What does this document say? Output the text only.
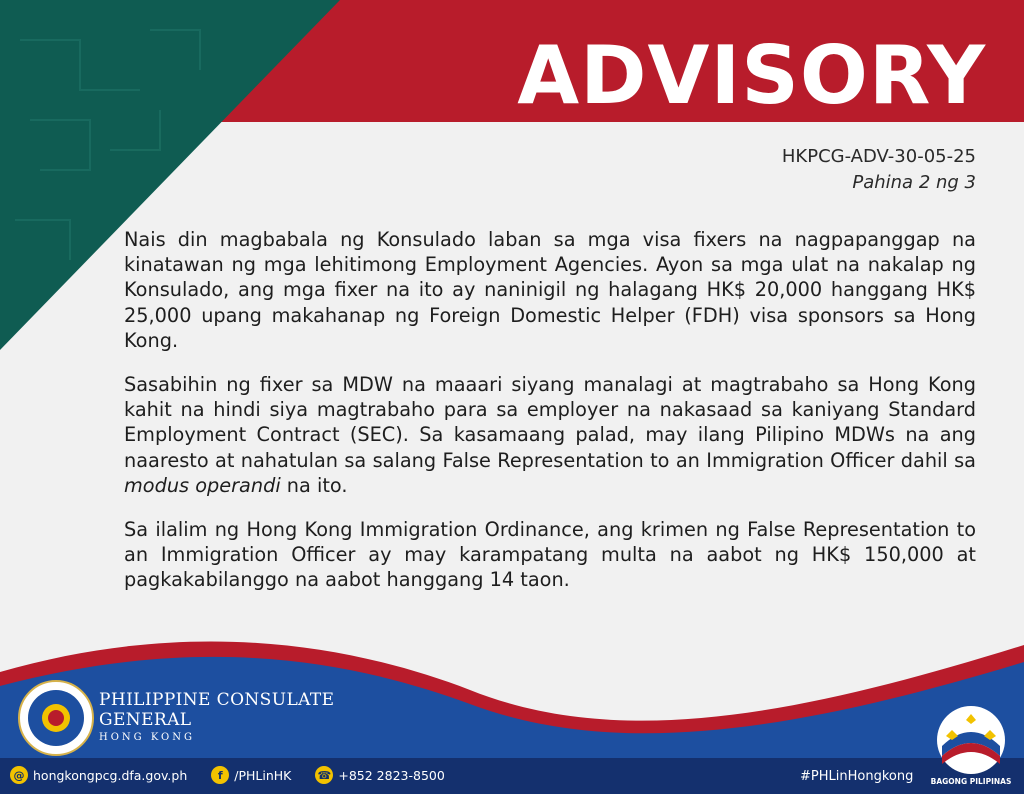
ADVISORY
HKPCG-ADV-30-05-25
Pahina 2 ng 3

Nais din magbabala ng Konsulado laban sa mga visa fixers na nagpapanggap na kinatawan ng mga lehitimong Employment Agencies. Ayon sa mga ulat na nakalap ng Konsulado, ang mga fixer na ito ay naninigil ng halagang HK$ 20,000 hanggang HK$ 25,000 upang makahanap ng Foreign Domestic Helper (FDH) visa sponsors sa Hong Kong.

Sasabihin ng fixer sa MDW na maaari siyang manalagi at magtrabaho sa Hong Kong kahit na hindi siya magtrabaho para sa employer na nakasaad sa kaniyang Standard Employment Contract (SEC). Sa kasamaang palad, may ilang Pilipino MDWs na ang naaresto at nahatulan sa salang False Representation to an Immigration Officer dahil sa modus operandi na ito.

Sa ilalim ng Hong Kong Immigration Ordinance, ang krimen ng False Representation to an Immigration Officer ay may karampatang multa na aabot ng HK$ 150,000 at pagkakabilanggo na aabot hanggang 14 taon.

PHILIPPINE CONSULATE
GENERAL
HONG KONG
@ hongkongpcg.dfa.gov.ph	f /PHLinHK ☎ +852 2823-8500	#PHLinHongkong BAGONG PILIPINAS
